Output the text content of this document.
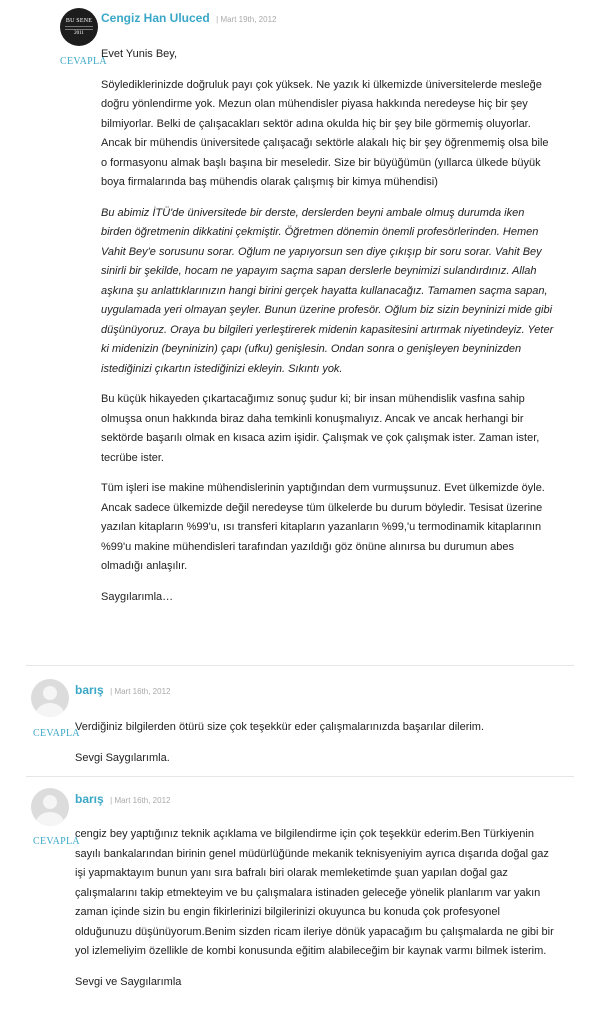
BU SENE
2011
CEVAPLA
Cengiz Han Uluced | Mart 19th, 2012

Evet Yunis Bey,

Söylediklerinizde doğruluk payı çok yüksek. Ne yazık ki ülkemizde üniversitelerde mesleğe doğru yönlendirme yok. Mezun olan mühendisler piyasa hakkında neredeyse hiç bir şey bilmiyorlar. Belki de çalışacakları sektör adına okulda hiç bir şey bile görmemiş oluyorlar. Ancak bir mühendis üniversitede çalışacağı sektörle alakalı hiç bir şey öğrenmemiş olsa bile o formasyonu almak başlı başına bir meseledir. Size bir büyüğümün (yıllarca ülkede büyük boya firmalarında baş mühendis olarak çalışmış bir kimya mühendisi)

Bu abimiz İTÜ'de üniversitede bir derste, derslerden beyni ambale olmuş durumda iken birden öğretmenin dikkatini çekmiştir. Öğretmen dönemin önemli profesörlerinden. Hemen Vahit Bey'e sorusunu sorar. Oğlum ne yapıyorsun sen diye çıkışıp bir soru sorar. Vahit Bey sinirli bir şekilde, hocam ne yapayım saçma sapan derslerle beynimizi sulandırdınız. Allah aşkına şu anlattıklarınızın hangi birini gerçek hayatta kullanacağız. Tamamen saçma sapan, uygulamada yeri olmayan şeyler. Bunun üzerine profesör. Oğlum biz sizin beyninizi mide gibi düşünüyoruz. Oraya bu bilgileri yerleştirerek midenin kapasitesini artırmak niyetindeyiz. Yeter ki midenizin (beyninizin) çapı (ufku) genişlesin. Ondan sonra o genişleyen beyninizden istediğinizi çıkartın istediğinizi ekleyin. Sıkıntı yok.

Bu küçük hikayeden çıkartacağımız sonuç şudur ki; bir insan mühendislik vasfına sahip olmuşsa onun hakkında biraz daha temkinli konuşmalıyız. Ancak ve ancak herhangi bir sektörde başarılı olmak en kısaca azim işidir. Çalışmak ve çok çalışmak ister. Zaman ister, tecrübe ister.

Tüm işleri ise makine mühendislerinin yaptığından dem vurmuşsunuz. Evet ülkemizde öyle. Ancak sadece ülkemizde değil neredeyse tüm ülkelerde bu durum böyledir. Tesisat üzerine yazılan kitapların %99'u, ısı transferi kitapların yazanların %99,'u termodinamik kitaplarının %99'u makine mühendisleri tarafından yazıldığı göz önüne alınırsa bu durumun abes olmadığı anlaşılır.

Saygılarımla…

CEVAPLA
barış | Mart 16th, 2012

Verdiğiniz bilgilerden ötürü size çok teşekkür eder çalışmalarınızda başarılar dilerim.

Sevgi Saygılarımla.

CEVAPLA
barış | Mart 16th, 2012

cengiz bey yaptığınız teknik açıklama ve bilgilendirme için çok teşekkür ederim.Ben Türkiyenin sayılı bankalarından birinin genel müdürlüğünde mekanik teknisyeniyim ayrıca dışarıda doğal gaz işi yapmaktayım bunun yanı sıra bafralı biri olarak memleketimde şuan yapılan doğal gaz çalışmalarını takip etmekteyim ve bu çalışmalara istinaden geleceğe yönelik planlarım var yakın zaman içinde sizin bu engin fikirlerinizi bilgilerinizi okuyunca bu konuda çok profesyonel olduğunuzu düşünüyorum.Benim sizden ricam ileriye dönük yapacağım bu çalışmalarda ne gibi bir yol izlemeliyim özellikle de kombi konusunda eğitim alabileceğim bir kaynak varmı bilmek isterim.

Sevgi ve Saygılarımla
